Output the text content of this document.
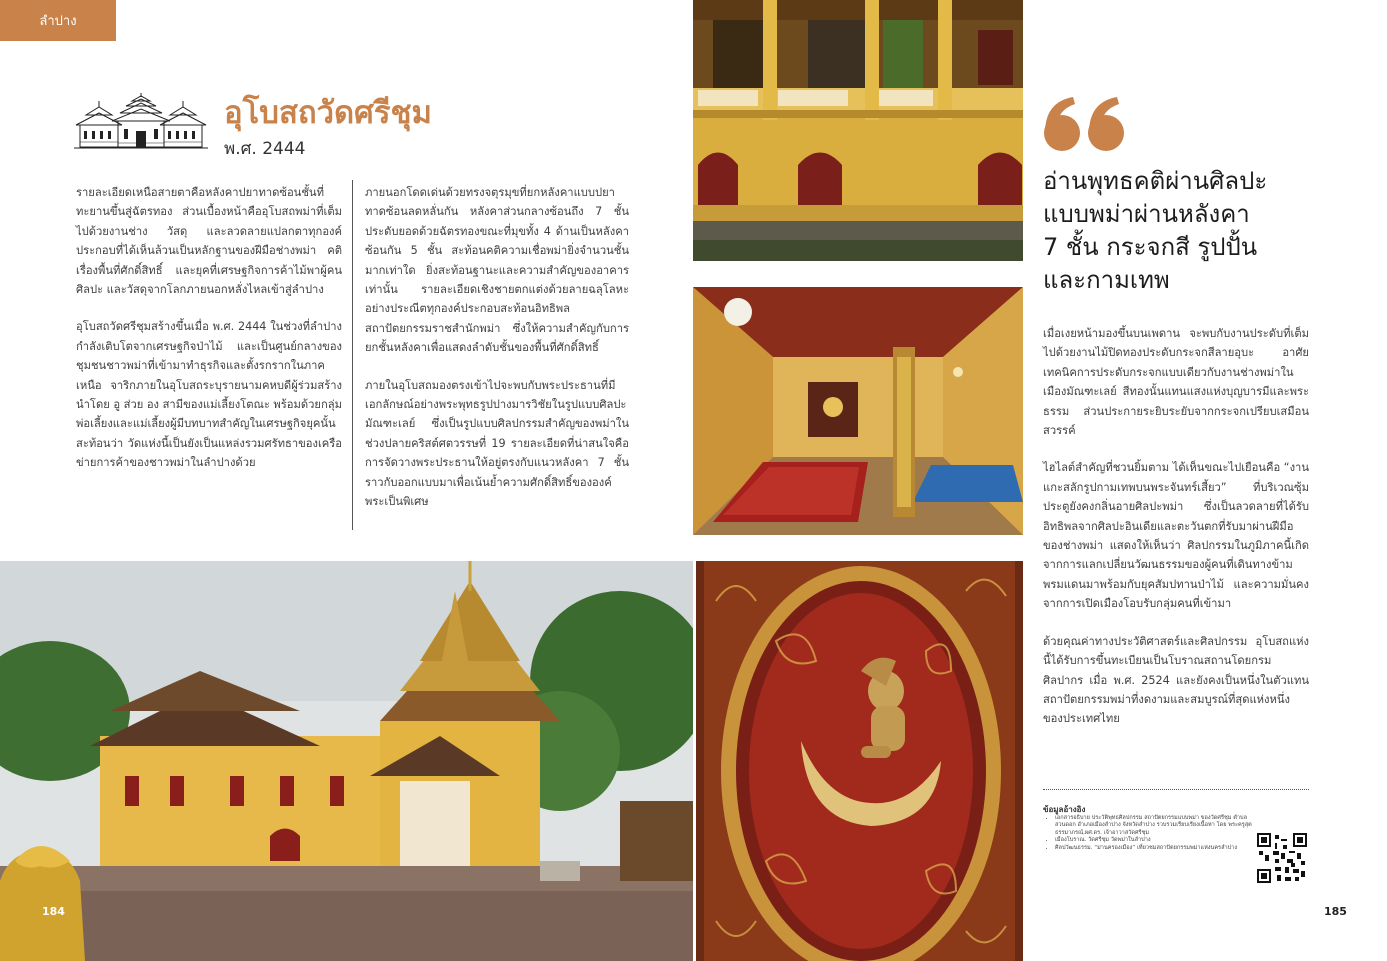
ลำปาง
อุโบสถวัดศรีชุม
พ.ศ. 2444

รายละเอียดเหนือสายตาคือหลังคาปยาทาดซ้อนชั้นที่ทะยานขึ้นสู่ฉัตรทอง ส่วนเบื้องหน้าคืออุโบสถพม่าที่เต็มไปด้วยงานช่าง วัสดุ และลวดลายแปลกตาทุกองค์ประกอบที่ได้เห็นล้วนเป็นหลักฐานของฝีมือช่างพม่า คติเรื่องพื้นที่ศักดิ์สิทธิ์ และยุคที่เศรษฐกิจการค้าไม้พาผู้คน ศิลปะ และวัสดุจากโลกภายนอกหลั่งไหลเข้าสู่ลำปาง

อุโบสถวัดศรีชุมสร้างขึ้นเมื่อ พ.ศ. 2444 ในช่วงที่ลำปางกำลังเติบโตจากเศรษฐกิจป่าไม้ และเป็นศูนย์กลางของชุมชนชาวพม่าที่เข้ามาทำธุรกิจและตั้งรกรากในภาคเหนือ จาริกภายในอุโบสถระบุรายนามคหบดีผู้ร่วมสร้าง นำโดย อู ส่วย อง สามีของแม่เลี้ยงโตณะ พร้อมด้วยกลุ่มพ่อเลี้ยงและแม่เลี้ยงผู้มีบทบาทสำคัญในเศรษฐกิจยุคนั้น สะท้อนว่า วัดแห่งนี้เป็นยังเป็นแหล่งรวมศรัทธาของเครือข่ายการค้าของชาวพม่าในลำปางด้วย

ภายนอกโดดเด่นด้วยทรงจตุรมุขที่ยกหลังคาแบบปยาทาดซ้อนลดหลั่นกัน หลังคาส่วนกลางซ้อนถึง 7 ชั้น ประดับยอดด้วยฉัตรทองขณะที่มุขทั้ง 4 ด้านเป็นหลังคาซ้อนกัน 5 ชั้น สะท้อนคติความเชื่อพม่ายิ่งจำนวนชั้นมากเท่าใด ยิ่งสะท้อนฐานะและความสำคัญของอาคารเท่านั้น รายละเอียดเชิงชายตกแต่งด้วยลายฉลุโลหะอย่างประณีตทุกองค์ประกอบสะท้อนอิทธิพลสถาปัตยกรรมราชสำนักพม่า ซึ่งให้ความสำคัญกับการยกชั้นหลังคาเพื่อแสดงลำดับชั้นของพื้นที่ศักดิ์สิทธิ์

ภายในอุโบสถมองตรงเข้าไปจะพบกับพระประธานที่มีเอกลักษณ์อย่างพระพุทธรูปปางมารวิชัยในรูปแบบศิลปะมัณฑะเลย์ ซึ่งเป็นรูปแบบศิลปกรรมสำคัญของพม่าในช่วงปลายคริสต์ศตวรรษที่ 19 รายละเอียดที่น่าสนใจคือ การจัดวางพระประธานให้อยู่ตรงกับแนวหลังคา 7 ชั้น ราวกับออกแบบมาเพื่อเน้นย้ำความศักดิ์สิทธิ์ขององค์พระเป็นพิเศษ

อ่านพุทธคติผ่านศิลปะ
แบบพม่าผ่านหลังคา
7 ชั้น กระจกสี รูปปั้น
และกามเทพ

เมื่อเงยหน้ามองขึ้นบนเพดาน จะพบกับงานประดับที่เต็มไปด้วยงานไม้ปิดทองประดับกระจกสีลายอุบะ อาศัยเทคนิคการประดับกระจกแบบเดียวกับงานช่างพม่าในเมืองมัณฑะเลย์ สีทองนั้นแทนแสงแห่งบุญบารมีและพระธรรม ส่วนประกายระยิบระยับจากกระจกเปรียบเสมือนสวรรค์

ไฮไลต์สำคัญที่ชวนยิ้มตาม ได้เห็นขณะไปเยือนคือ “งานแกะสลักรูปกามเทพบนพระจันทร์เสี้ยว” ที่บริเวณซุ้มประตูยังคงกลิ่นอายศิลปะพม่า ซึ่งเป็นลวดลายที่ได้รับอิทธิพลจากศิลปะอินเดียและตะวันตกที่รับมาผ่านฝีมือของช่างพม่า แสดงให้เห็นว่า ศิลปกรรมในภูมิภาคนี้เกิดจากการแลกเปลี่ยนวัฒนธรรมของผู้คนที่เดินทางข้ามพรมแดนมาพร้อมกับยุคสัมปทานป่าไม้ และความมั่นคงจากการเปิดเมืองโอบรับกลุ่มคนที่เข้ามา

ด้วยคุณค่าทางประวัติศาสตร์และศิลปกรรม อุโบสถแห่งนี้ได้รับการขึ้นทะเบียนเป็นโบราณสถานโดยกรมศิลปากร เมื่อ พ.ศ. 2524 และยังคงเป็นหนึ่งในตัวแทนสถาปัตยกรรมพม่าที่งดงามและสมบูรณ์ที่สุดแห่งหนึ่งของประเทศไทย

ข้อมูลอ้างอิง
• เอกสารอธิบาย ประวัติพุทธศิลปกรรม สถาปัตยกรรมแบบพม่า ของวัดศรีชุม ตำบลสวนดอก อำเภอเมืองลำปาง จังหวัดลำปาง รวบรวมเรียบเรียงเนื้อหา โดย พระครูสุตธรรมาภรณ์,ผศ.ดร. เจ้าอาวาสวัดศรีชุม
• เมืองโบราณ. วัดศรีชุม วัดพม่าในลำปาง
• ศิลปวัฒนธรรม. “ม่านครองเมือง” เที่ยวชมสถาปัตยกรรมพม่าแห่งนครลำปาง
184	185
